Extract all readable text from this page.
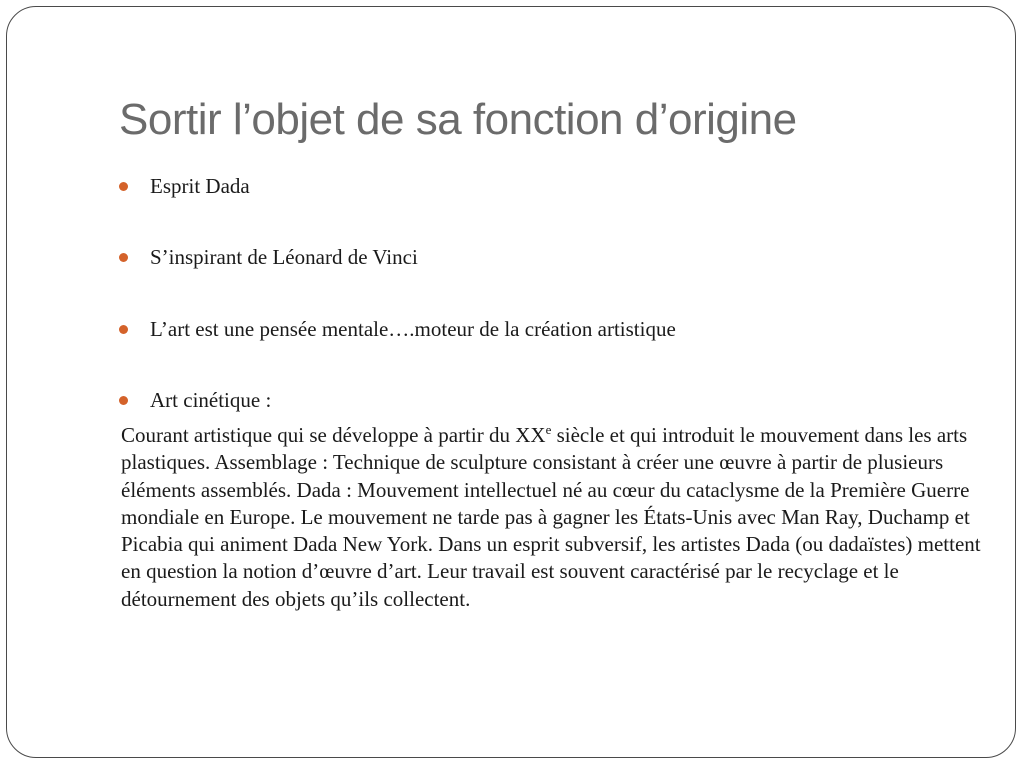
Sortir l’objet de sa fonction d’origine
Esprit Dada
S’inspirant de Léonard de Vinci
L’art est une pensée mentale….moteur de la création artistique
Art cinétique :

Courant artistique qui se développe à partir du XXe siècle et qui introduit le mouvement dans les arts plastiques. Assemblage : Technique de sculpture consistant à créer une œuvre à partir de plusieurs éléments assemblés. Dada : Mouvement intellectuel né au cœur du cataclysme de la Première Guerre mondiale en Europe. Le mouvement ne tarde pas à gagner les États-Unis avec Man Ray, Duchamp et Picabia qui animent Dada New York. Dans un esprit subversif, les artistes Dada (ou dadaïstes) mettent en question la notion d’œuvre d’art. Leur travail est souvent caractérisé par le recyclage et le détournement des objets qu’ils collectent.
